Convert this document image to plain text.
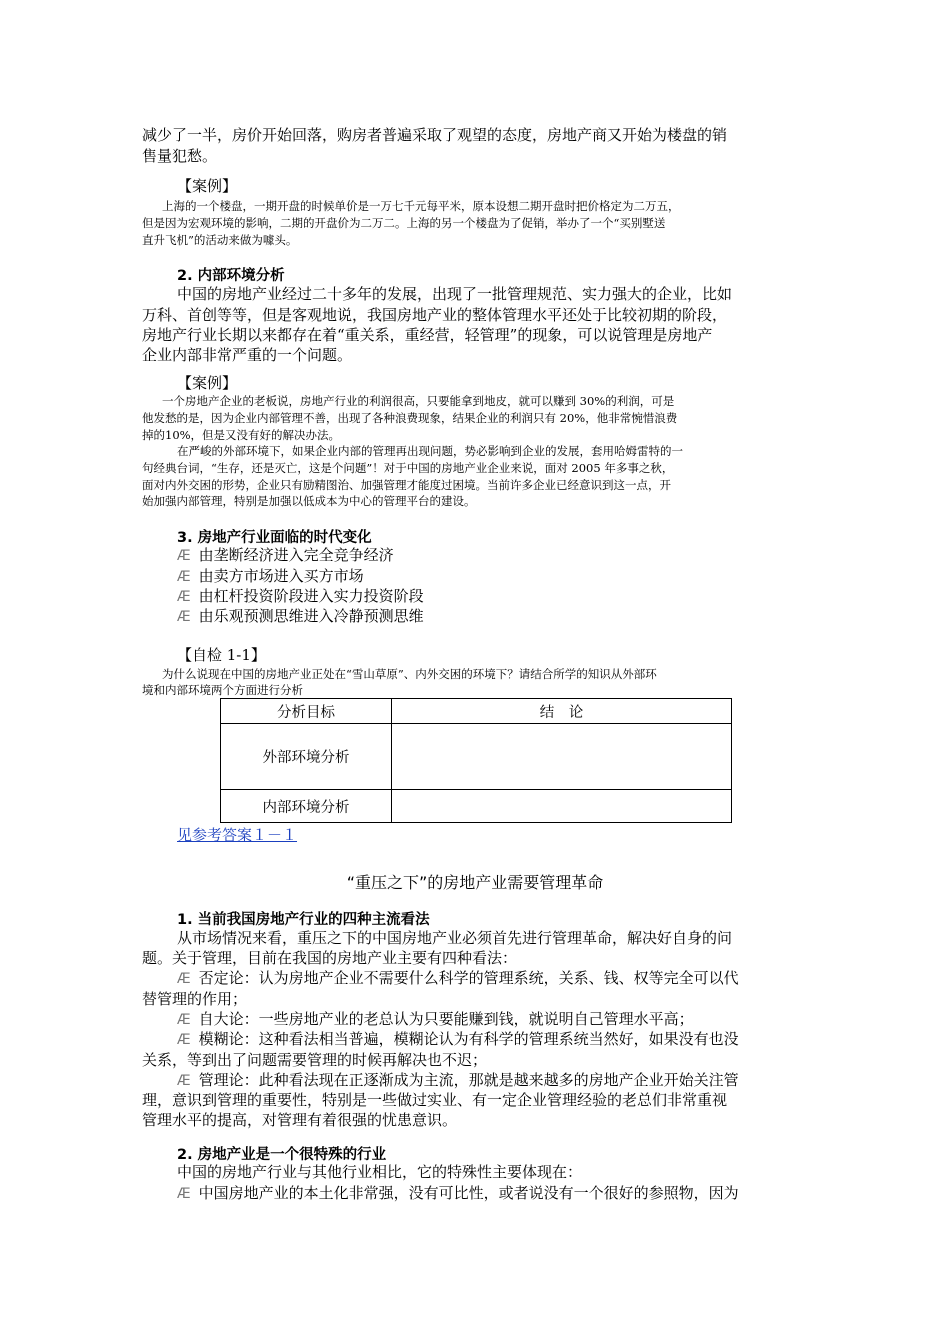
减少了一半，房价开始回落，购房者普遍采取了观望的态度，房地产商又开始为楼盘的销
售量犯愁。
【案例】
上海的一个楼盘，一期开盘的时候单价是一万七千元每平米，原本设想二期开盘时把价格定为二万五，
但是因为宏观环境的影响，二期的开盘价为二万二。上海的另一个楼盘为了促销，举办了一个“买别墅送
直升飞机”的活动来做为噱头。
2. 内部环境分析
中国的房地产业经过二十多年的发展，出现了一批管理规范、实力强大的企业，比如
万科、首创等等，但是客观地说，我国房地产业的整体管理水平还处于比较初期的阶段，
房地产行业长期以来都存在着“重关系，重经营，轻管理”的现象，可以说管理是房地产
企业内部非常严重的一个问题。
【案例】
一个房地产企业的老板说，房地产行业的利润很高，只要能拿到地皮，就可以赚到 30%的利润，可是
他发愁的是，因为企业内部管理不善，出现了各种浪费现象，结果企业的利润只有 20%，他非常惋惜浪费
掉的10%，但是又没有好的解决办法。
在严峻的外部环境下，如果企业内部的管理再出现问题，势必影响到企业的发展，套用哈姆雷特的一
句经典台词，“生存，还是灭亡，这是个问题”！对于中国的房地产业企业来说，面对 2005 年多事之秋，
面对内外交困的形势，企业只有励精图治、加强管理才能度过困境。当前许多企业已经意识到这一点，开
始加强内部管理，特别是加强以低成本为中心的管理平台的建设。
3. 房地产行业面临的时代变化
Æ 由垄断经济进入完全竞争经济
Æ 由卖方市场进入买方市场
Æ 由杠杆投资阶段进入实力投资阶段
Æ 由乐观预测思维进入冷静预测思维
【自检 1-1】
为什么说现在中国的房地产业正处在“雪山草原”、内外交困的环境下？请结合所学的知识从外部环
境和内部环境两个方面进行分析
分析目标	结　论
外部环境分析	
内部环境分析	
见参考答案１－１
“重压之下”的房地产业需要管理革命
1. 当前我国房地产行业的四种主流看法
从市场情况来看，重压之下的中国房地产业必须首先进行管理革命，解决好自身的问
题。关于管理，目前在我国的房地产业主要有四种看法：
Æ 否定论：认为房地产企业不需要什么科学的管理系统，关系、钱、权等完全可以代
替管理的作用；
Æ 自大论：一些房地产业的老总认为只要能赚到钱，就说明自己管理水平高；
Æ 模糊论：这种看法相当普遍，模糊论认为有科学的管理系统当然好，如果没有也没
关系，等到出了问题需要管理的时候再解决也不迟；
Æ 管理论：此种看法现在正逐渐成为主流，那就是越来越多的房地产企业开始关注管
理，意识到管理的重要性，特别是一些做过实业、有一定企业管理经验的老总们非常重视
管理水平的提高，对管理有着很强的忧患意识。
2. 房地产业是一个很特殊的行业
中国的房地产行业与其他行业相比，它的特殊性主要体现在：
Æ 中国房地产业的本土化非常强，没有可比性，或者说没有一个很好的参照物，因为
